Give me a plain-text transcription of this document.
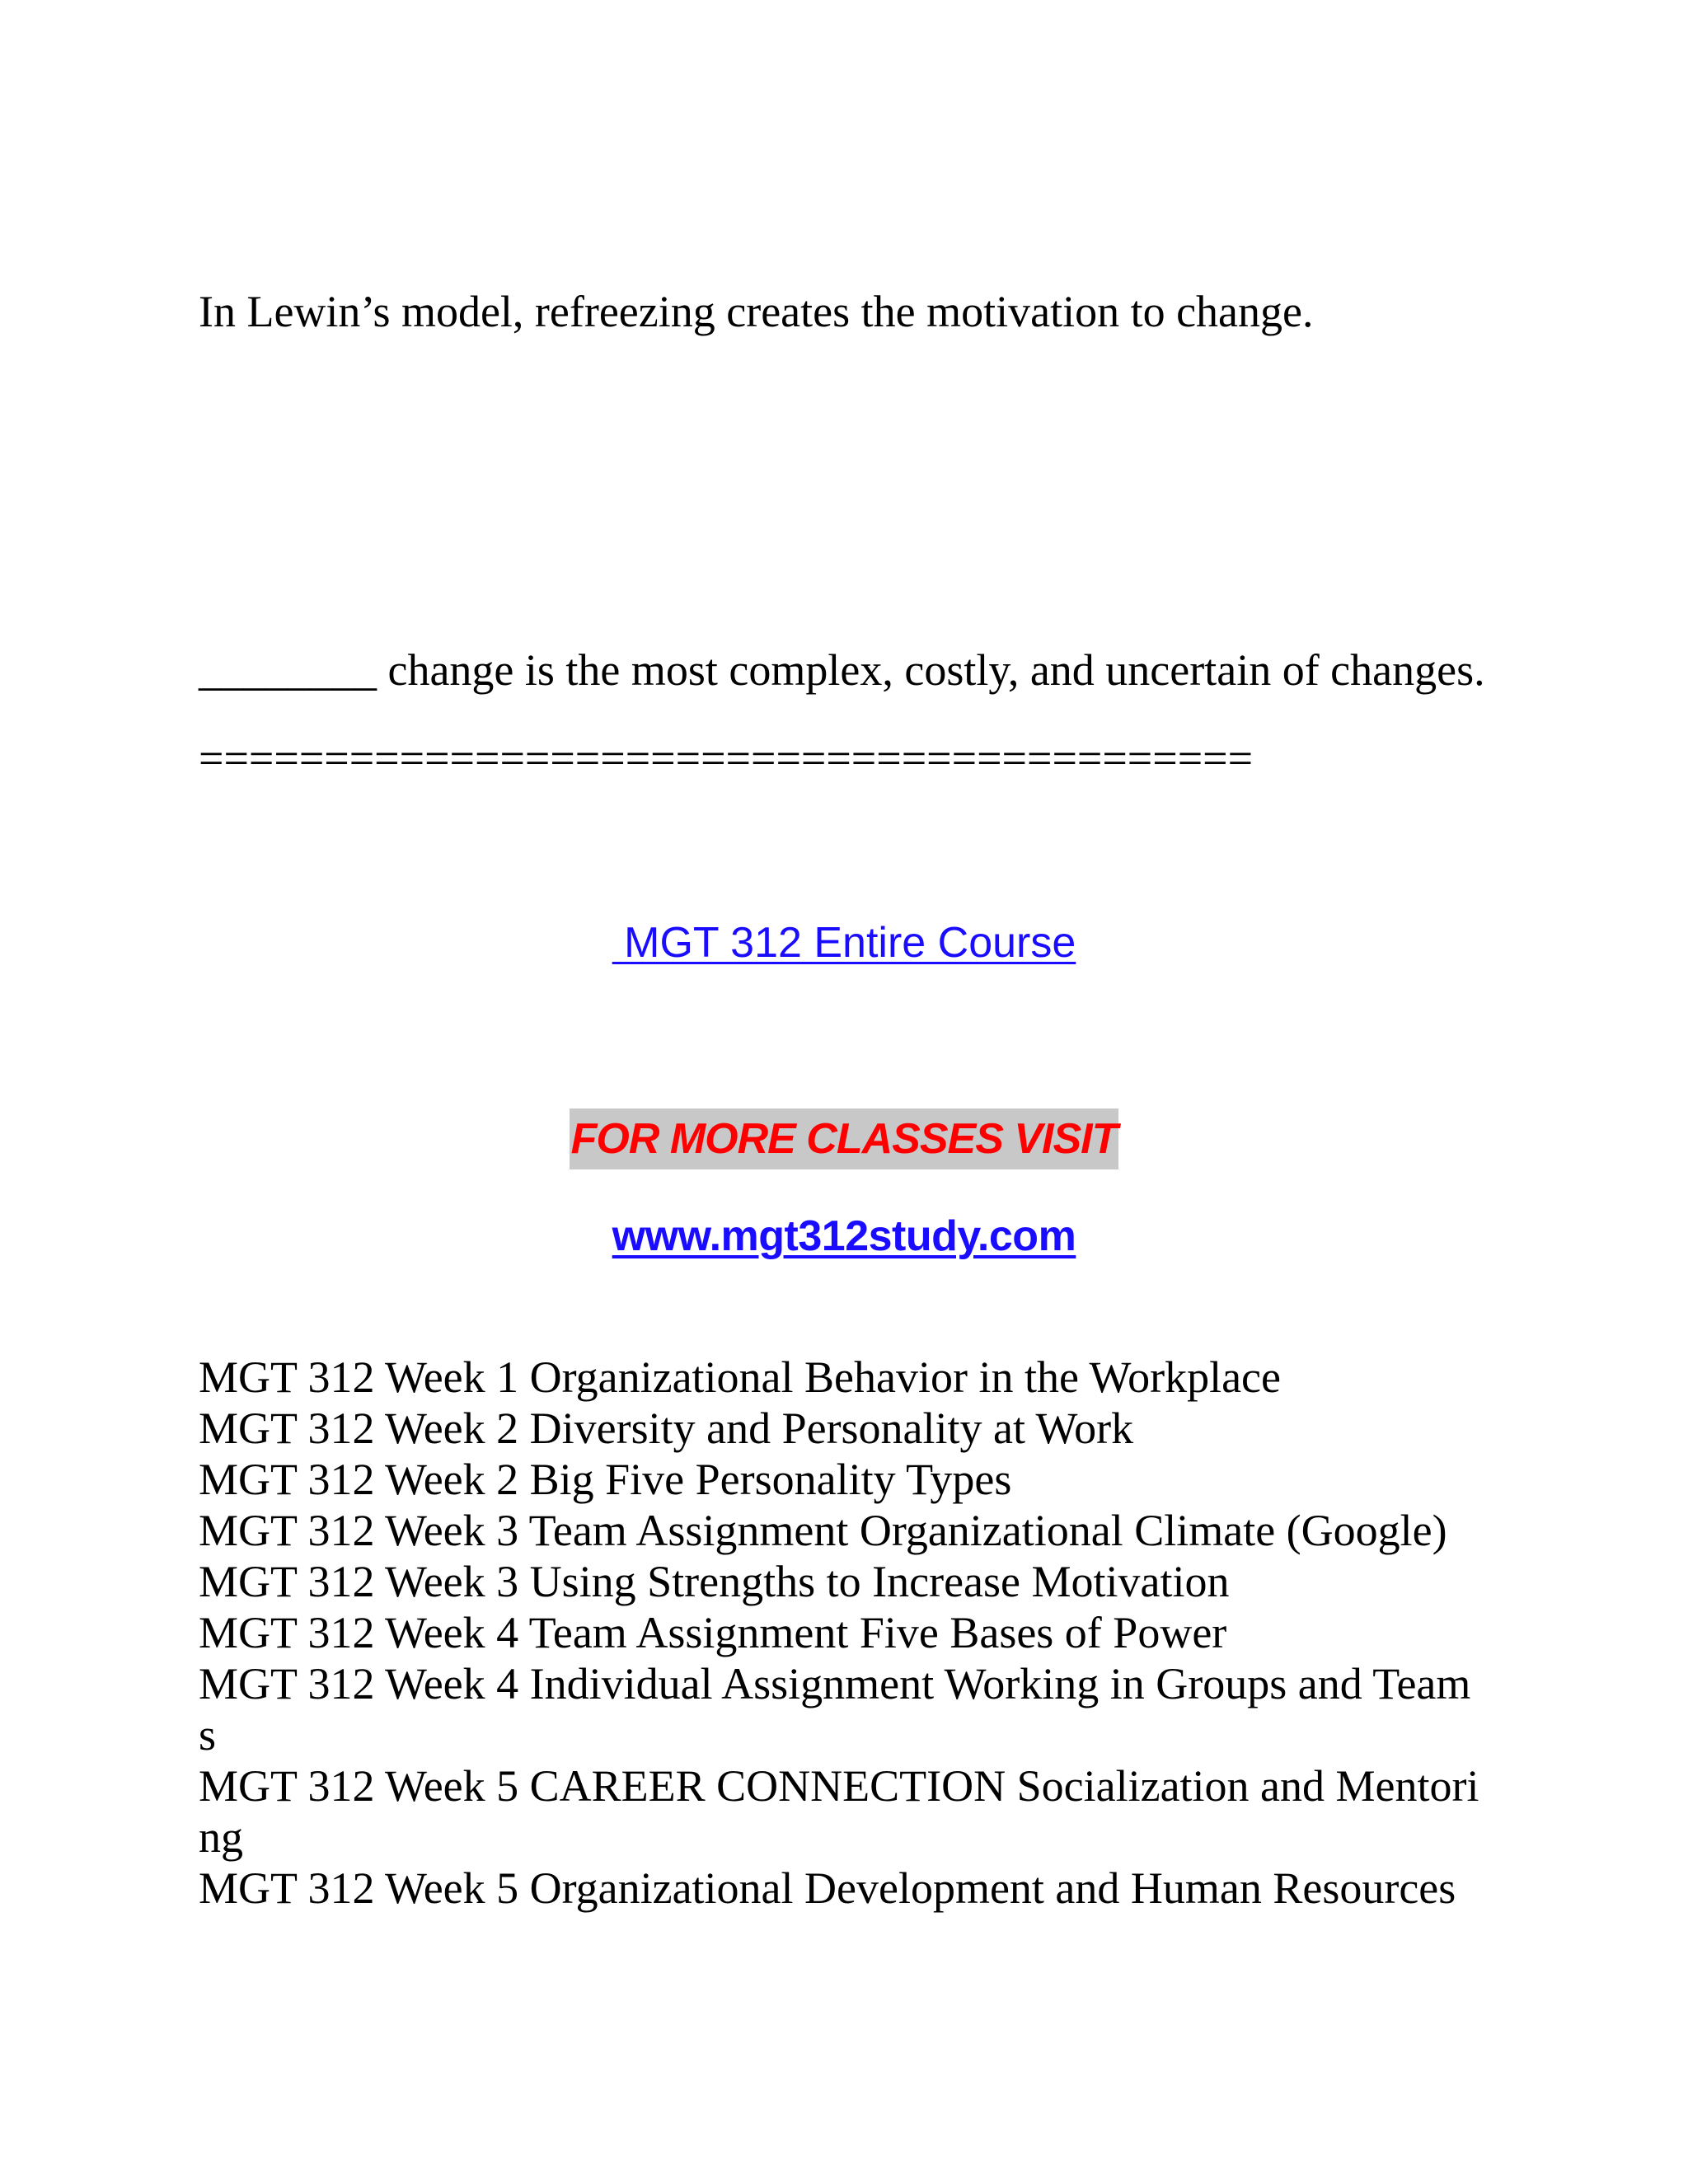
In Lewin’s model, refreezing creates the motivation to change.
________ change is the most complex, costly, and uncertain of changes.
==========================================
MGT 312 Entire Course
FOR MORE CLASSES VISIT
www.mgt312study.com
MGT 312 Week 1 Organizational Behavior in the Workplace
MGT 312 Week 2 Diversity and Personality at Work
MGT 312 Week 2 Big Five Personality Types
MGT 312 Week 3 Team Assignment Organizational Climate (Google)
MGT 312 Week 3 Using Strengths to Increase Motivation
MGT 312 Week 4 Team Assignment Five Bases of Power
MGT 312 Week 4 Individual Assignment Working in Groups and Team
s
MGT 312 Week 5 CAREER CONNECTION Socialization and Mentori
ng
MGT 312 Week 5 Organizational Development and Human Resources
